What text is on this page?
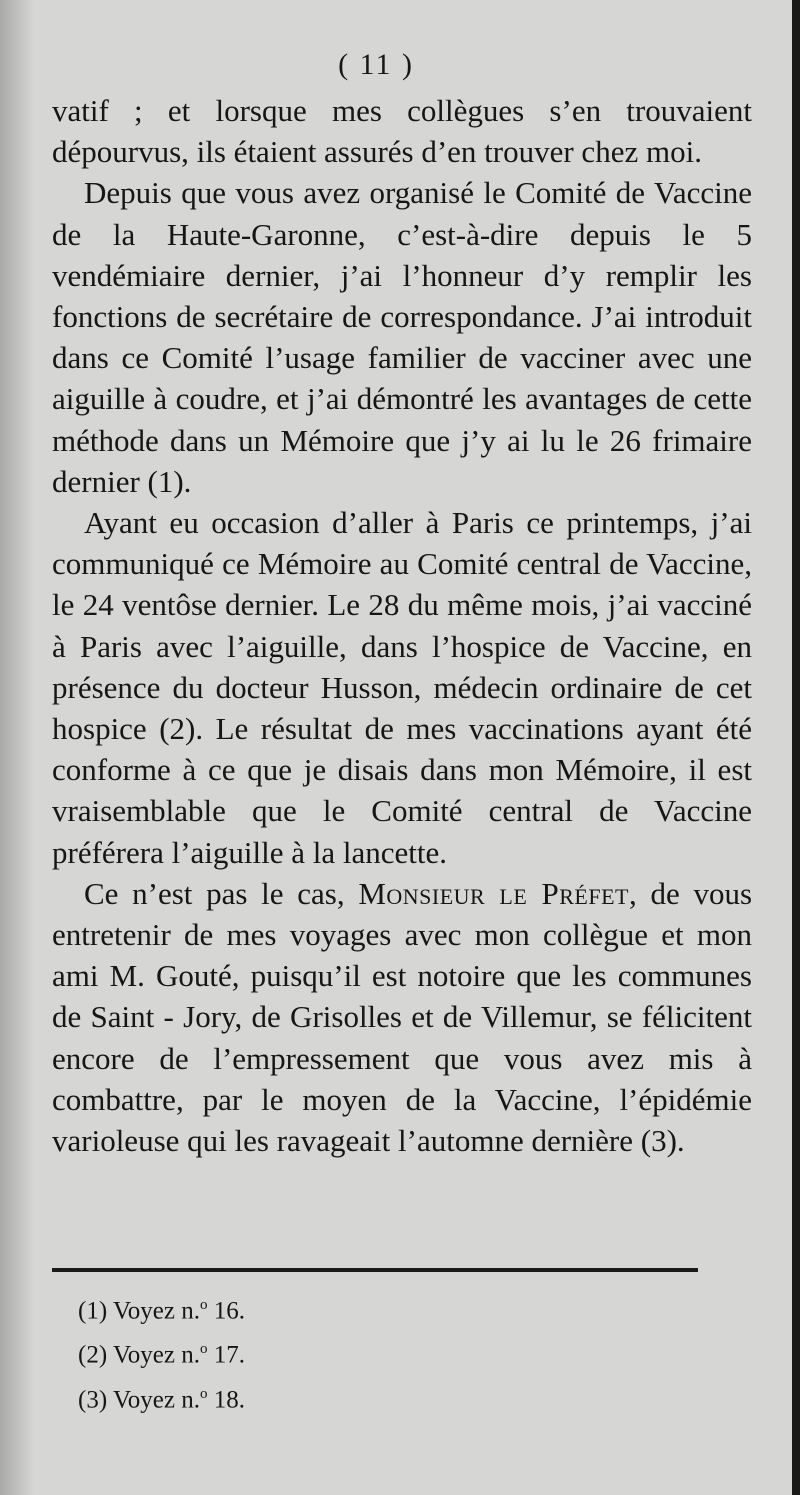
( 11 )

vatif ; et lorsque mes collègues s’en trouvaient dépourvus, ils étaient assurés d’en trouver chez moi.

Depuis que vous avez organisé le Comité de Vaccine de la Haute-Garonne, c’est-à-dire depuis le 5 vendémiaire dernier, j’ai l’honneur d’y remplir les fonctions de secrétaire de correspondance. J’ai introduit dans ce Comité l’usage familier de vacciner avec une aiguille à coudre, et j’ai démontré les avantages de cette méthode dans un Mémoire que j’y ai lu le 26 frimaire dernier (1).

Ayant eu occasion d’aller à Paris ce printemps, j’ai communiqué ce Mémoire au Comité central de Vaccine, le 24 ventôse dernier. Le 28 du même mois, j’ai vacciné à Paris avec l’aiguille, dans l’hospice de Vaccine, en présence du docteur Husson, médecin ordinaire de cet hospice (2). Le résultat de mes vaccinations ayant été conforme à ce que je disais dans mon Mémoire, il est vraisemblable que le Comité central de Vaccine préférera l’aiguille à la lancette.

Ce n’est pas le cas, Monsieur le Préfet, de vous entretenir de mes voyages avec mon collègue et mon ami M. Gouté, puisqu’il est notoire que les communes de Saint - Jory, de Grisolles et de Villemur, se félicitent encore de l’empressement que vous avez mis à combattre, par le moyen de la Vaccine, l’épidémie varioleuse qui les ravageait l’automne dernière (3).

(1) Voyez n.$^o$ 16.

(2) Voyez n.$^o$ 17.

(3) Voyez n.$^o$ 18.
